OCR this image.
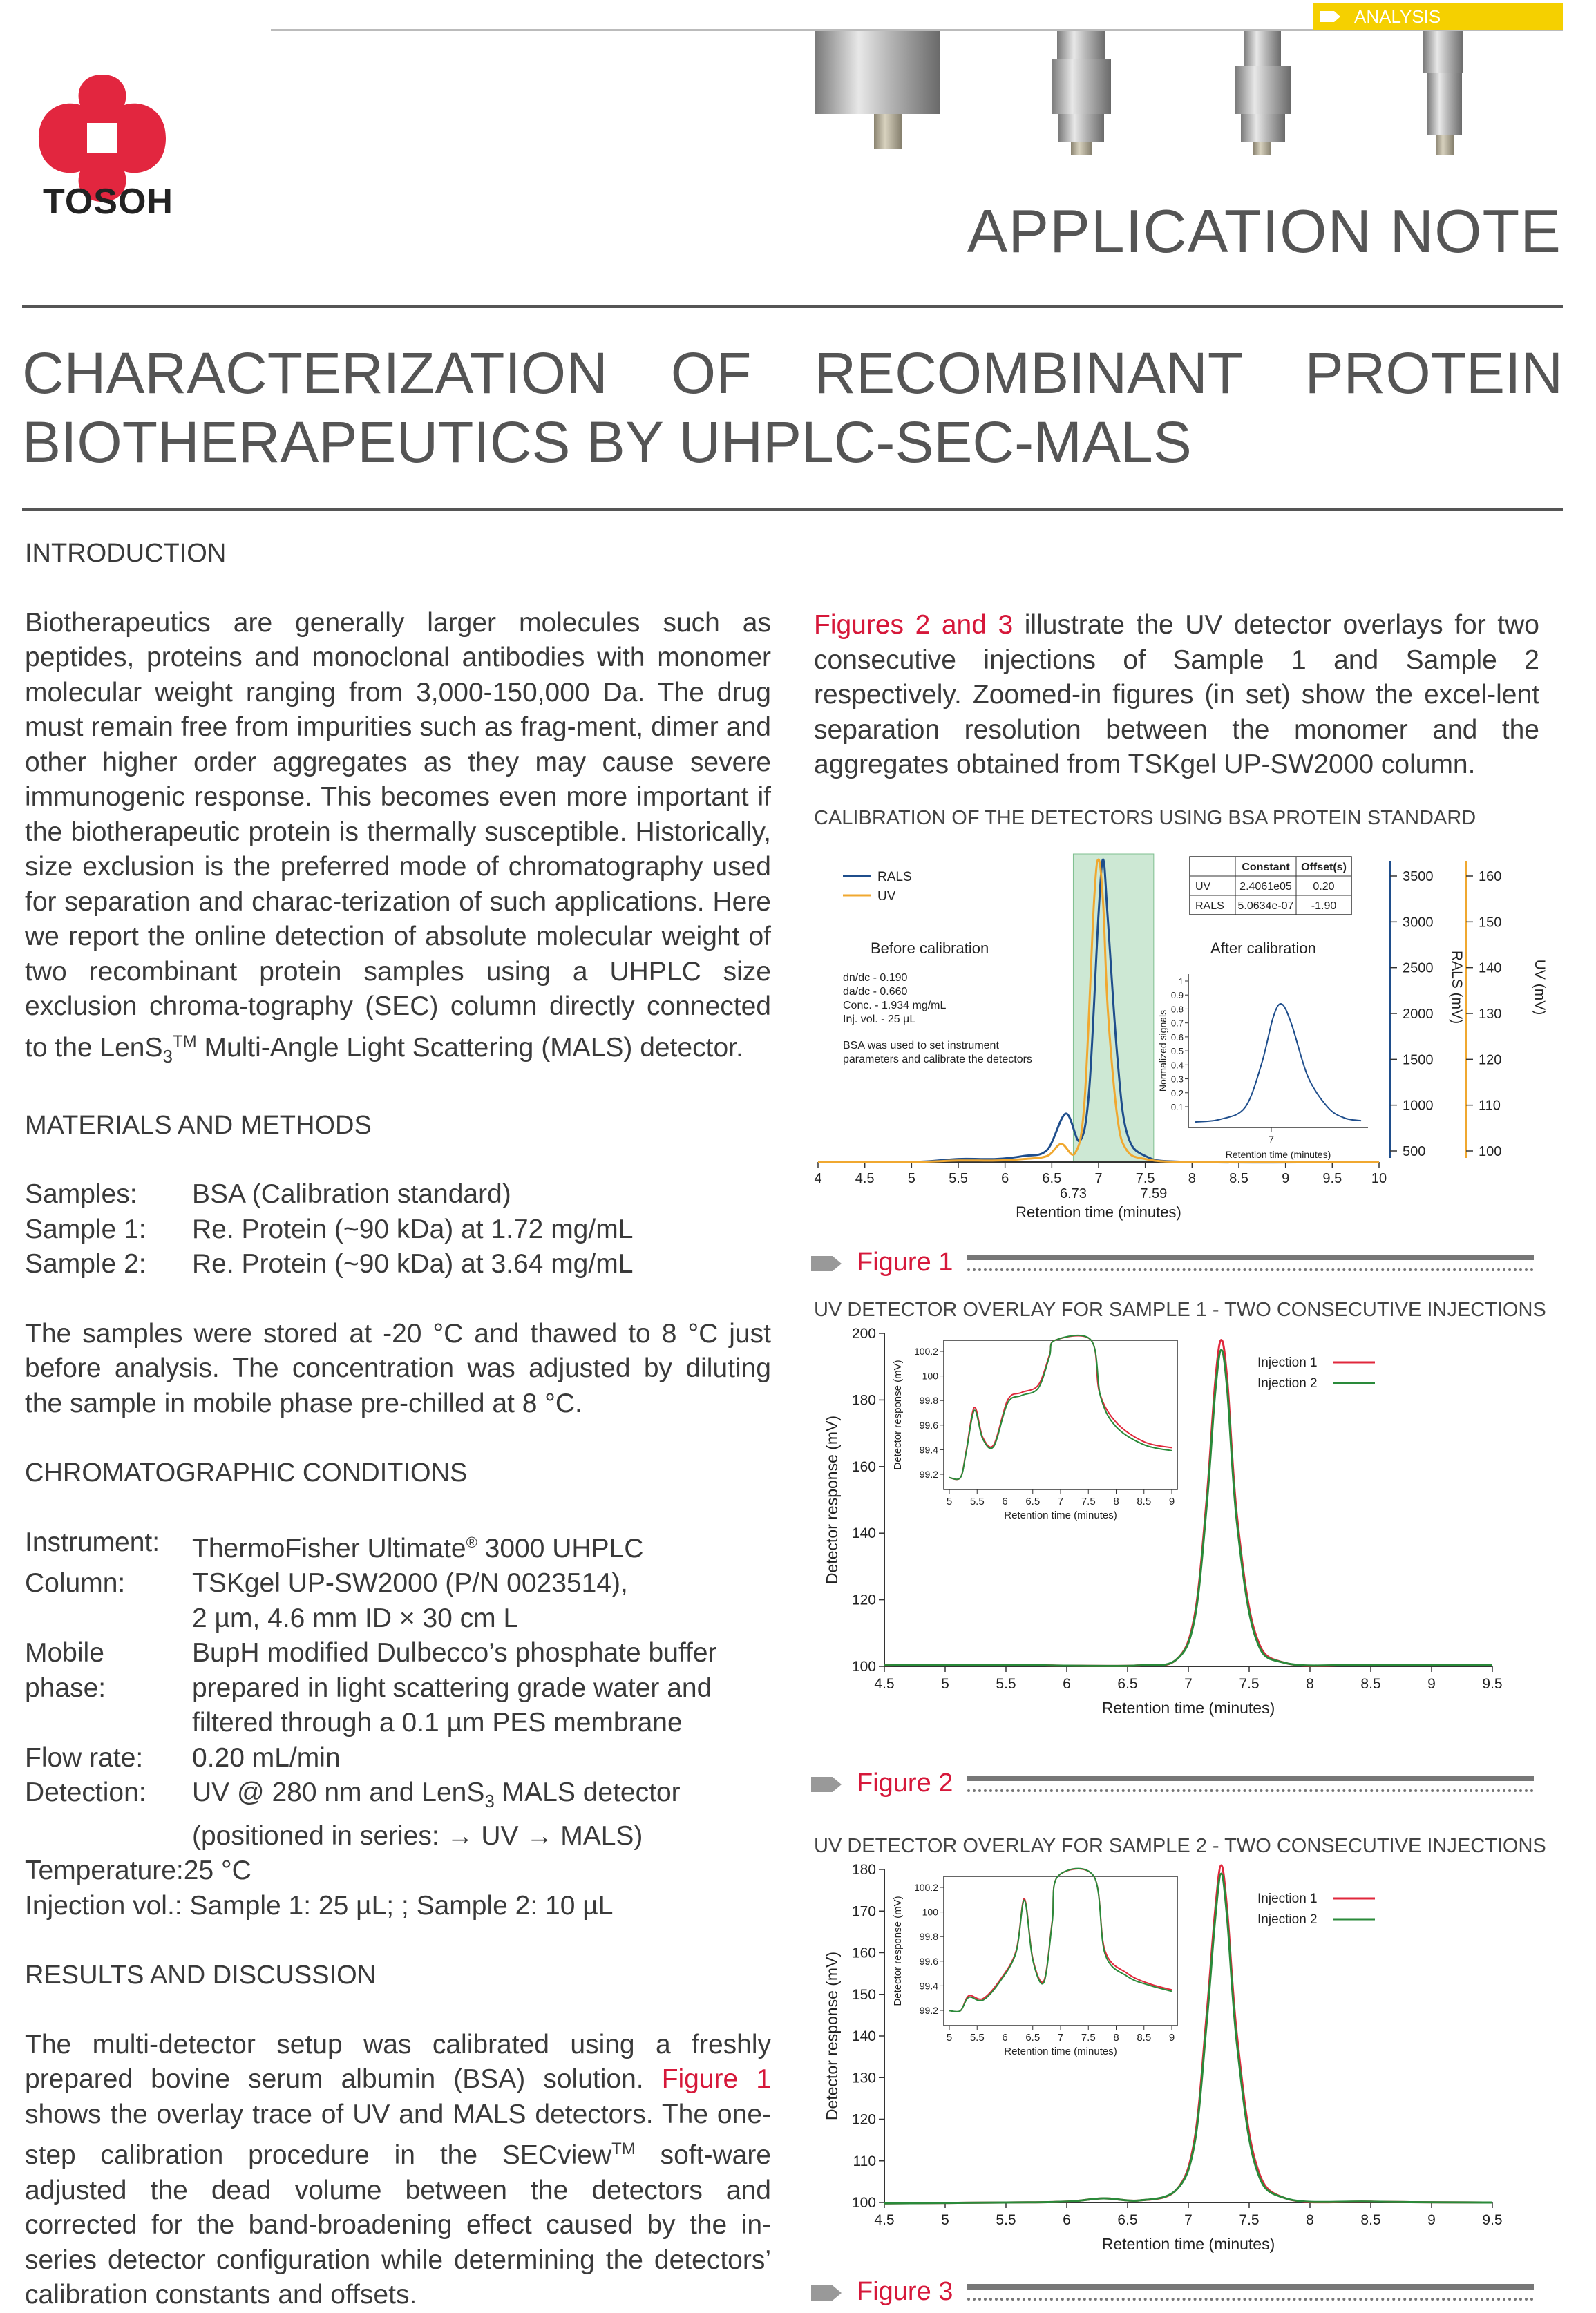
TOSOH
ANALYSIS
APPLICATION NOTE
CHARACTERIZATION OF RECOMBINANT PROTEIN BIOTHERAPEUTICS BY UHPLC-SEC-MALS

INTRODUCTION

Biotherapeutics are generally larger molecules such as peptides, proteins and monoclonal antibodies with monomer molecular weight ranging from 3,000-150,000 Da. The drug must remain free from impurities such as frag-ment, dimer and other higher order aggregates as they may cause severe immunogenic response. This becomes even more important if the biotherapeutic protein is thermally susceptible. Historically, size exclusion is the preferred mode of chromatography used for separation and charac-terization of such applications. Here we report the online detection of absolute molecular weight of two recombinant protein samples using a UHPLC size exclusion chroma-tography (SEC) column directly connected to the LenS$_3$™ Multi-Angle Light Scattering (MALS) detector.

MATERIALS AND METHODS

Samples:	BSA (Calibration standard)
Sample 1:	Re. Protein (~90 kDa) at 1.72 mg/mL
Sample 2:	Re. Protein (~90 kDa) at 3.64 mg/mL

The samples were stored at -20 °C and thawed to 8 °C just before analysis. The concentration was adjusted by diluting the sample in mobile phase pre-chilled at 8 °C.

CHROMATOGRAPHIC CONDITIONS

Instrument:	ThermoFisher Ultimate® 3000 UHPLC
Column:	TSKgel UP-SW2000 (P/N 0023514),
2 µm, 4.6 mm ID × 30 cm L
Mobile
phase:
BupH modified Dulbecco’s phosphate buffer
prepared in light scattering grade water and
filtered through a 0.1 µm PES membrane
Flow rate:	0.20 mL/min
Detection:	UV @ 280 nm and LenS$_3$ MALS detector
(positioned in series: → UV → MALS)
Temperature:25 °C
Injection vol.: Sample 1: 25 µL; ; Sample 2: 10 µL

RESULTS AND DISCUSSION

The multi-detector setup was calibrated using a freshly prepared bovine serum albumin (BSA) solution. Figure 1 shows the overlay trace of UV and MALS detectors. The one-step calibration procedure in the SECview™ soft-ware adjusted the dead volume between the detectors and corrected for the band-broadening effect caused by the in-series detector configuration while determining the detectors’ calibration constants and offsets.

Figures 2 and 3 illustrate the UV detector overlays for two consecutive injections of Sample 1 and Sample 2 respectively. Zoomed-in figures (in set) show the excel-lent separation resolution between the monomer and the aggregates obtained from TSKgel UP-SW2000 column.

CALIBRATION OF THE DETECTORS USING BSA PROTEIN STANDARD
4 4.5 5 5.5 6 6.5 7 7.5 8 8.5 9 9.5 10
6.73	7.59
Retention time (minutes)
3500
3000
2500
2000
1500
1000
500
RALS (mV)
160
150
140
130
120
110
100
UV (mV)
RALS
UV
Before calibration
dn/dc - 0.190
da/dc - 0.660
Conc. - 1.934 mg/mL
Inj. vol. - 25 µL
BSA was used to set instrument
parameters and calibrate the detectors
After calibration
Constant Offset(s)
UV	2.4061e05 0.20
RALS 5.0634e-07 -1.90
1
0.9
0.8
0.7
0.6
0.5
0.4
0.3
0.2
0.1
Normalized signals
7
Retention time (minutes)
Figure 1
UV DETECTOR OVERLAY FOR SAMPLE 1 - TWO CONSECUTIVE INJECTIONS
100
120
140
160
180
200
4.5	5	5.5	6	6.5	7	7.5	8	8.5	9	9.5
Retention time (minutes)
Detector response (mV)
Injection 1
Injection 2
100.2
100
99.8
99.6
99.4
99.2
Detector response (mV)
5 5.5 6 6.5 7 7.5 8 8.5 9
Retention time (minutes)
Figure 2
UV DETECTOR OVERLAY FOR SAMPLE 2 - TWO CONSECUTIVE INJECTIONS
100
110
120
130
140
150
160
170
180
4.5	5	5.5	6	6.5	7	7.5	8	8.5	9	9.5
Retention time (minutes)
Detector response (mV)
Injection 1
Injection 2
100.2
100
99.8
99.6
99.4
99.2
Detector response (mV)
5 5.5 6 6.5 7 7.5 8 8.5 9
Retention time (minutes)
Figure 3
